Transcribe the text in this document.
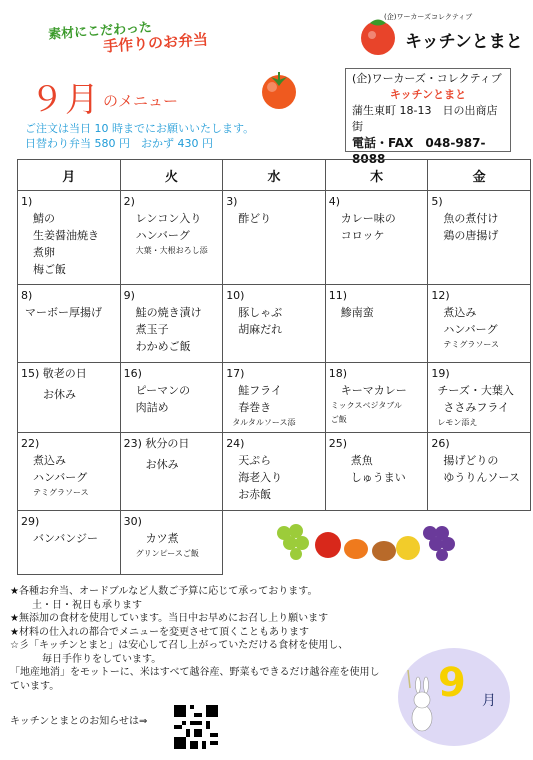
素材にこだわった
手作りのお弁当
(企)ワーカーズコレクティブ
キッチンとまと
９月 のメニュー
ご注文は当日 10 時までにお願いいたします。
日替わり弁当 580 円　おかず 430 円
(企)ワーカーズ・コレクティブ
キッチンとまと
蒲生東町 18-13　日の出商店街
電話・FAX　048-987-8088
月	火	水	木	金

1)
鯖の
生姜醤油焼き
煮卵
梅ご飯	2)
レンコン入り
ハンバーグ
大葉・大根おろし添	3)
酢どり	4)
カレー味の
コロッケ	5)
魚の煮付け
鶏の唐揚げ

8)
マーボー厚揚げ	9)
鮭の焼き漬け
煮玉子
わかめご飯	10)
豚しゃぶ
胡麻だれ	11)
鯵南蛮	12)
煮込み
ハンバーグ
テミグラソース

15) 敬老の日
お休み	16)
ピーマンの
肉詰め	17)
鮭フライ
春巻き
タルタルソース添	18)
キーマカレー
ミックスベジタブル
ご飯	19)
チーズ・大葉入
ささみフライ
レモン添え

22)
煮込み
ハンバーグ
テミグラソース	23) 秋分の日
お休み	24)
天ぷら
海老入り
お赤飯	25)
煮魚
しゅうまい	26)
揚げどりの
ゆうりんソース

29)
バンバンジー	30)
カツ煮
グリンピースご飯

★各種お弁当、オードブルなど人数ご予算に応じて承っております。
土・日・祝日も承ります
★無添加の食材を使用しています。当日中お早めにお召し上り願います
★材料の仕入れの都合でメニューを変更させて頂くこともあります
☆彡「キッチンとまと」は安心して召し上がっていただける食材を使用し、
毎日手作りをしています。
「地産地消」をモットーに、米はすべて越谷産、野菜もできるだけ越谷産を使用し
ています。
キッチンとまとのお知らせは⇒
9 月
